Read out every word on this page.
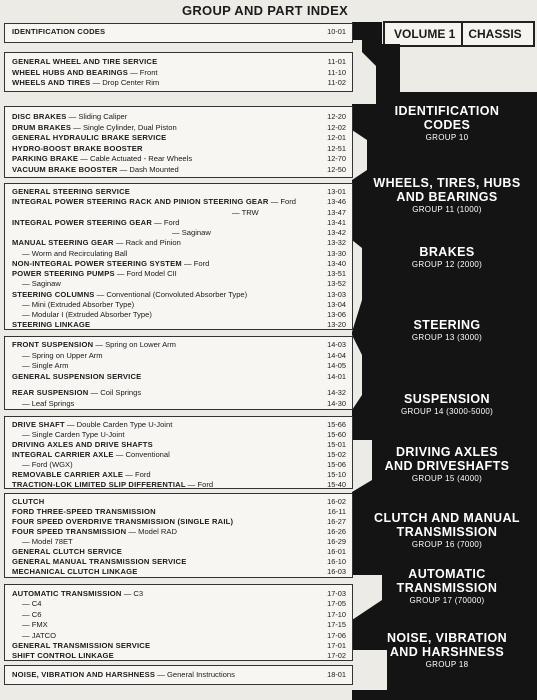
GROUP AND PART INDEX
VOLUME 1	CHASSIS
IDENTIFICATION CODES	10-01
GENERAL WHEEL AND TIRE SERVICE	11-01
WHEEL HUBS AND BEARINGS — Front	11-10
WHEELS AND TIRES — Drop Center Rim	11-02
DISC BRAKES — Sliding Caliper	12-20
DRUM BRAKES — Single Cylinder, Dual Piston	12-02
GENERAL HYDRAULIC BRAKE SERVICE	12-01
HYDRO-BOOST BRAKE BOOSTER	12-51
PARKING BRAKE — Cable Actuated - Rear Wheels	12-70
VACUUM BRAKE BOOSTER — Dash Mounted	12-50
GENERAL STEERING SERVICE	13-01
INTEGRAL POWER STEERING RACK AND PINION STEERING GEAR — Ford	13-46
— TRW	13-47
INTEGRAL POWER STEERING GEAR — Ford	13-41
— Saginaw	13-42
MANUAL STEERING GEAR — Rack and Pinion	13-32
— Worm and Recirculating Ball	13-30
NON-INTEGRAL POWER STEERING SYSTEM — Ford	13-40
POWER STEERING PUMPS — Ford Model CII	13-51
— Saginaw	13-52
STEERING COLUMNS — Conventional (Convoluted Absorber Type)	13-03
— Mini (Extruded Absorber Type)	13-04
— Modular I (Extruded Absorber Type)	13-06
STEERING LINKAGE	13-20
FRONT SUSPENSION — Spring on Lower Arm	14-03
— Spring on Upper Arm	14-04
— Single Arm	14-05
GENERAL SUSPENSION SERVICE	14-01
REAR SUSPENSION — Coil Springs	14-32
— Leaf Springs	14-30
DRIVE SHAFT — Double Carden Type U-Joint	15-66
— Single Carden Type U-Joint	15-60
DRIVING AXLES AND DRIVE SHAFTS	15-01
INTEGRAL CARRIER AXLE — Conventional	15-02
— Ford (WGX)	15-06
REMOVABLE CARRIER AXLE — Ford	15-10
TRACTION-LOK LIMITED SLIP DIFFERENTIAL — Ford	15-40
CLUTCH	16-02
FORD THREE-SPEED TRANSMISSION	16-11
FOUR SPEED OVERDRIVE TRANSMISSION (SINGLE RAIL)	16-27
FOUR SPEED TRANSMISSION — Model RAD	16-26
— Model 78ET	16-29
GENERAL CLUTCH SERVICE	16-01
GENERAL MANUAL TRANSMISSION SERVICE	16-10
MECHANICAL CLUTCH LINKAGE	16-03
AUTOMATIC TRANSMISSION — C3	17-03
— C4	17-05
— C6	17-10
— FMX	17-15
— JATCO	17-06
GENERAL TRANSMISSION SERVICE	17-01
SHIFT CONTROL LINKAGE	17-02
NOISE, VIBRATION AND HARSHNESS — General Instructions	18-01
IDENTIFICATION
CODES
GROUP 10
WHEELS, TIRES, HUBS
AND BEARINGS
GROUP 11 (1000)
BRAKES
GROUP 12 (2000)
STEERING
GROUP 13 (3000)
SUSPENSION
GROUP 14 (3000-5000)
DRIVING AXLES
AND DRIVESHAFTS
GROUP 15 (4000)
CLUTCH AND MANUAL
TRANSMISSION
GROUP 16 (7000)
AUTOMATIC
TRANSMISSION
GROUP 17 (70000)
NOISE, VIBRATION
AND HARSHNESS
GROUP 18
